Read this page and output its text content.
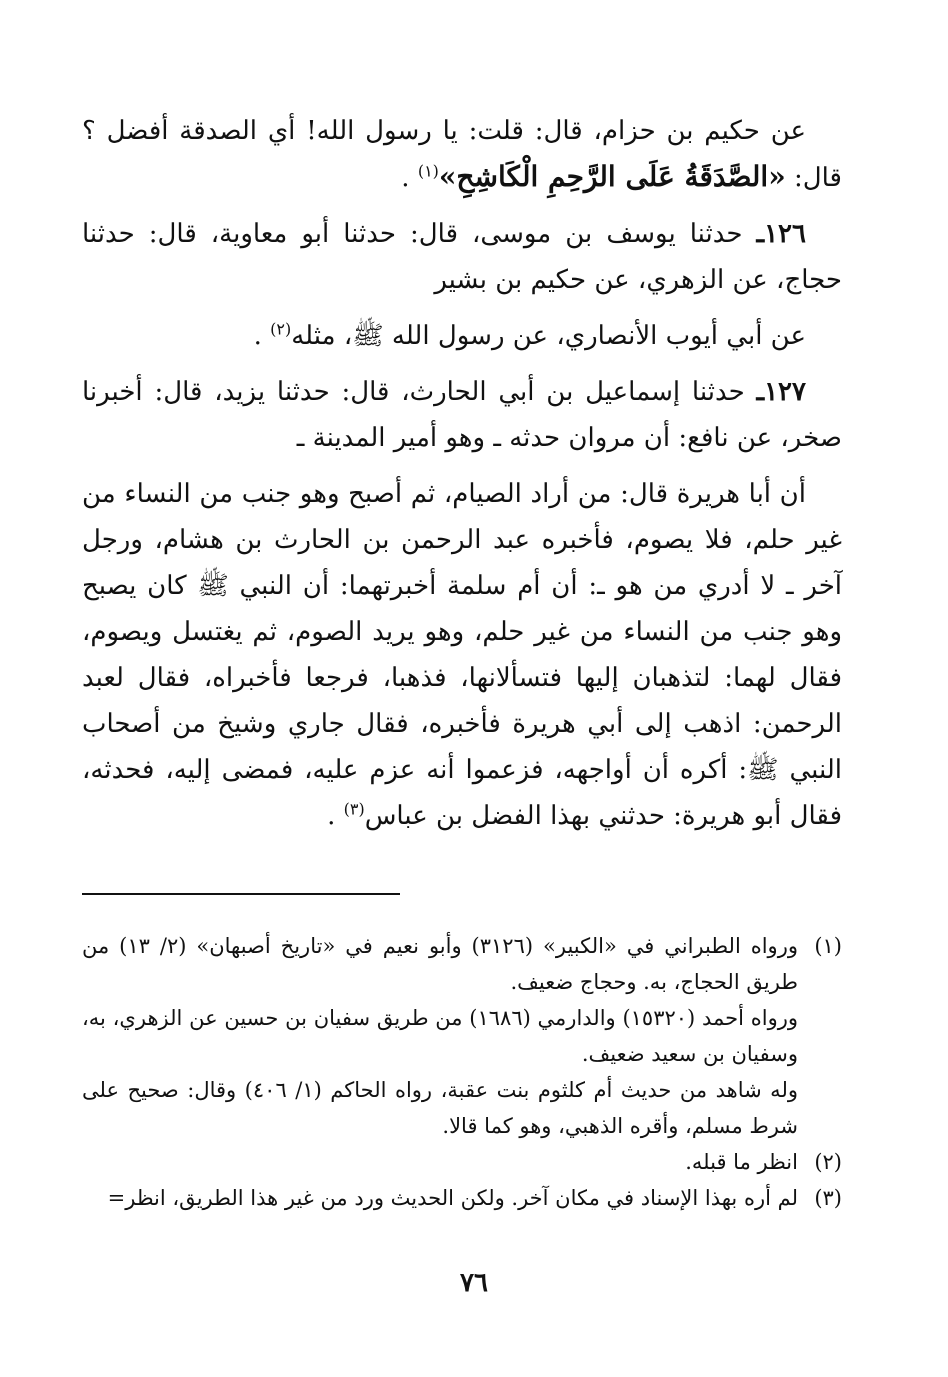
عن حكيم بن حزام، قال: قلت: يا رسول الله! أي الصدقة أفضل ؟ قال: «الصَّدَقَةُ عَلَى الرَّحِمِ الْكَاشِحِ»$^{(١)}$ .

١٢٦ـ حدثنا يوسف بن موسى، قال: حدثنا أبو معاوية، قال: حدثنا حجاج، عن الزهري، عن حكيم بن بشير

عن أبي أيوب الأنصاري، عن رسول الله ﷺ، مثله$^{(٢)}$ .

١٢٧ـ حدثنا إسماعيل بن أبي الحارث، قال: حدثنا يزيد، قال: أخبرنا صخر، عن نافع: أن مروان حدثه ـ وهو أمير المدينة ـ

أن أبا هريرة قال: من أراد الصيام، ثم أصبح وهو جنب من النساء من غير حلم، فلا يصوم، فأخبره عبد الرحمن بن الحارث بن هشام، ورجل آخر ـ لا أدري من هو ـ: أن أم سلمة أخبرتهما: أن النبي ﷺ كان يصبح وهو جنب من النساء من غير حلم، وهو يريد الصوم، ثم يغتسل ويصوم، فقال لهما: لتذهبان إليها فتسألانها، فذهبا، فرجعا فأخبراه، فقال لعبد الرحمن: اذهب إلى أبي هريرة فأخبره، فقال جاري وشيخ من أصحاب النبي ﷺ: أكره أن أواجهه، فزعموا أنه عزم عليه، فمضى إليه، فحدثه، فقال أبو هريرة: حدثني بهذا الفضل بن عباس$^{(٣)}$ .

(١)

ورواه الطبراني في «الكبير» (٣١٢٦) وأبو نعيم في «تاريخ أصبهان» (٢/ ١٣) من طريق الحجاج، به. وحجاج ضعيف.

ورواه أحمد (١٥٣٢٠) والدارمي (١٦٨٦) من طريق سفيان بن حسين عن الزهري، به، وسفيان بن سعيد ضعيف.

وله شاهد من حديث أم كلثوم بنت عقبة، رواه الحاكم (١/ ٤٠٦) وقال: صحيح على شرط مسلم، وأقره الذهبي، وهو كما قالا.

(٢)

انظر ما قبله.

(٣)

لم أره بهذا الإسناد في مكان آخر. ولكن الحديث ورد من غير هذا الطريق، انظر=

٧٦
